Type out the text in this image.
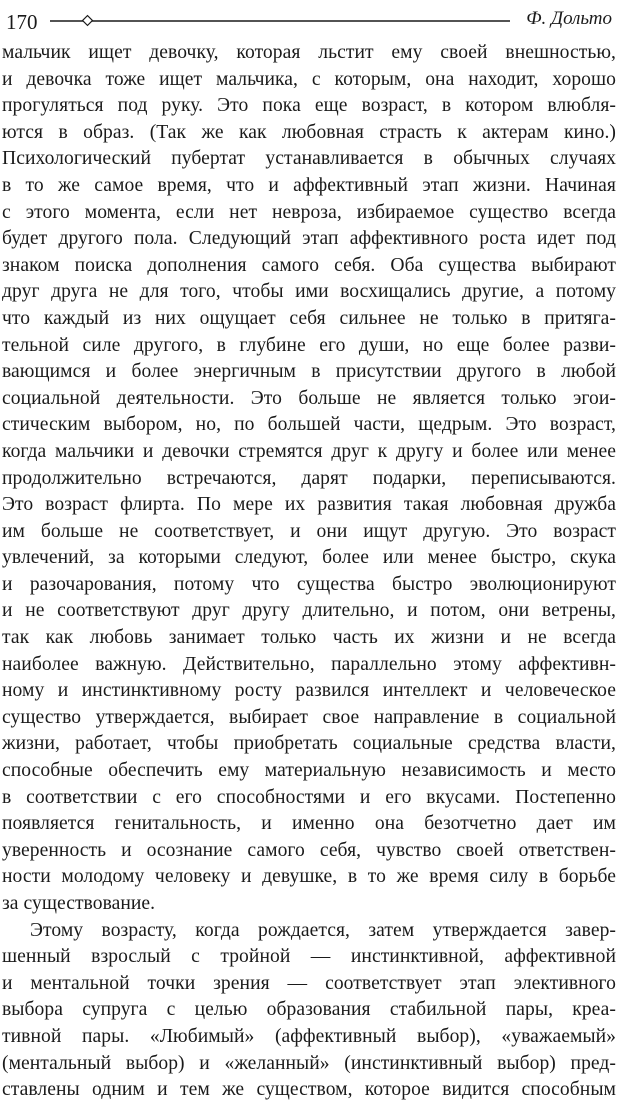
170	Ф. Дольто
мальчик ищет девочку, которая льстит ему своей внешностью,
и девочка тоже ищет мальчика, с которым, она находит, хорошо
прогуляться под руку. Это пока еще возраст, в котором влюбля-
ются в образ. (Так же как любовная страсть к актерам кино.)
Психологический пубертат устанавливается в обычных случаях
в то же самое время, что и аффективный этап жизни. Начиная
с этого момента, если нет невроза, избираемое существо всегда
будет другого пола. Следующий этап аффективного роста идет под
знаком поиска дополнения самого себя. Оба существа выбирают
друг друга не для того, чтобы ими восхищались другие, а потому
что каждый из них ощущает себя сильнее не только в притяга-
тельной силе другого, в глубине его души, но еще более разви-
вающимся и более энергичным в присутствии другого в любой
социальной деятельности. Это больше не является только эгои-
стическим выбором, но, по большей части, щедрым. Это возраст,
когда мальчики и девочки стремятся друг к другу и более или менее
продолжительно встречаются, дарят подарки, переписываются.
Это возраст флирта. По мере их развития такая любовная дружба
им больше не соответствует, и они ищут другую. Это возраст
увлечений, за которыми следуют, более или менее быстро, скука
и разочарования, потому что существа быстро эволюционируют
и не соответствуют друг другу длительно, и потом, они ветрены,
так как любовь занимает только часть их жизни и не всегда
наиболее важную. Действительно, параллельно этому аффективн-
ному и инстинктивному росту развился интеллект и человеческое
существо утверждается, выбирает свое направление в социальной
жизни, работает, чтобы приобретать социальные средства власти,
способные обеспечить ему материальную независимость и место
в соответствии с его способностями и его вкусами. Постепенно
появляется генитальность, и именно она безотчетно дает им
уверенность и осознание самого себя, чувство своей ответствен-
ности молодому человеку и девушке, в то же время силу в борьбе
за существование.
Этому возрасту, когда рождается, затем утверждается завер-
шенный взрослый с тройной — инстинктивной, аффективной
и ментальной точки зрения — соответствует этап элективного
выбора супруга с целью образования стабильной пары, креа-
тивной пары. «Любимый» (аффективный выбор), «уважаемый»
(ментальный выбор) и «желанный» (инстинктивный выбор) пред-
ставлены одним и тем же существом, которое видится способным
